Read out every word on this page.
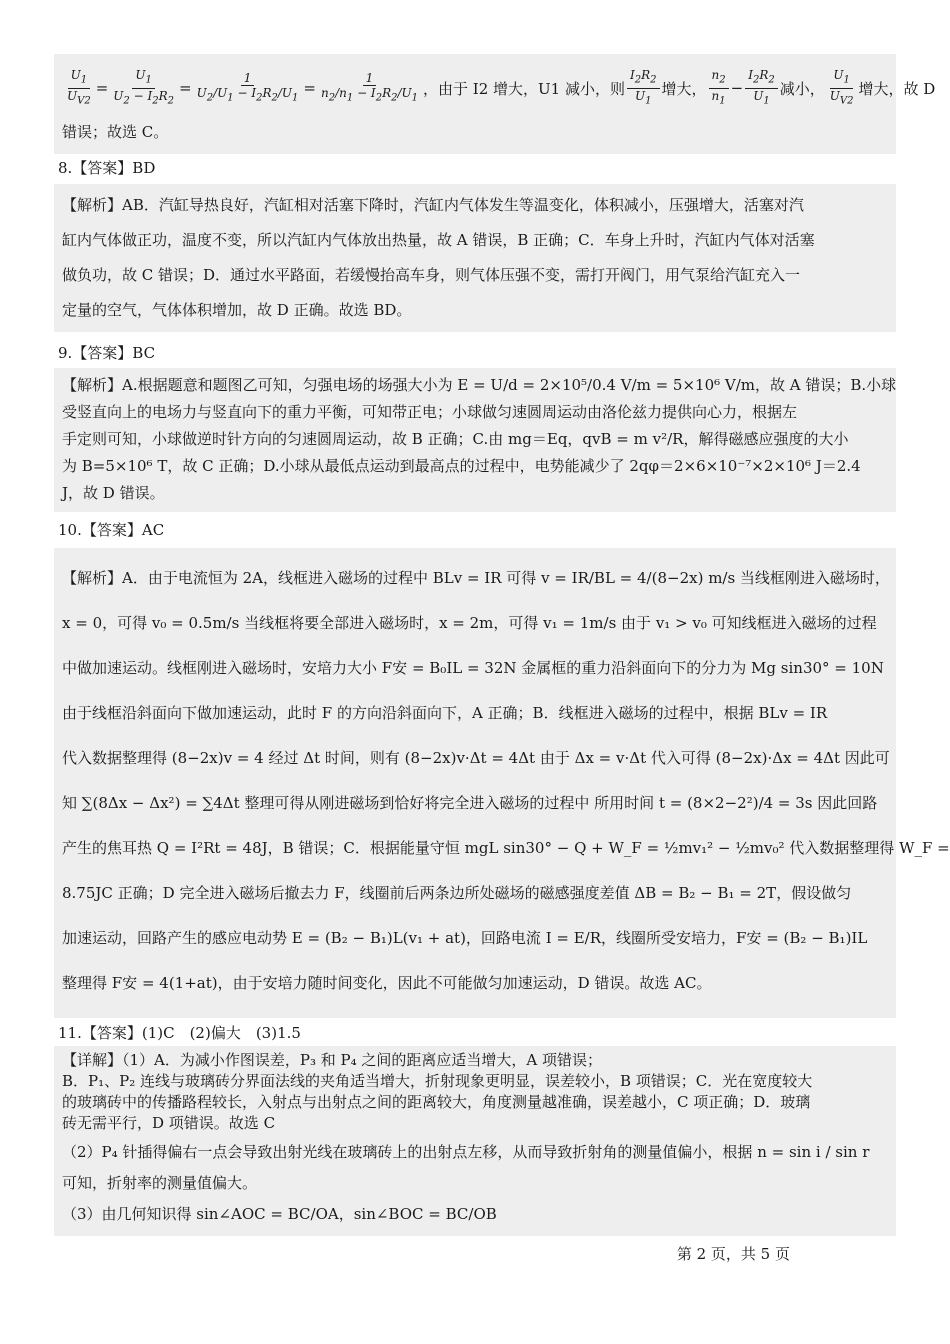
$\frac{U_1}{U_{V2}} = \frac{U_1}{U_2 - I_2R_2} = \frac{1}{U_2/U_1 - I_2R_2/U_1} = \frac{1}{n_2/n_1 - I_2R_2/U_1}$ ，由于 I2 增大，U1 减小，则 $\frac{I_2R_2}{U_1}$ 增大， $\frac{n_2}{n_1} - \frac{I_2R_2}{U_1}$ 减小， $\frac{U_1}{U_{V2}}$ 增大，故 D
错误；故选 C。
8.【答案】BD
【解析】AB．汽缸导热良好，汽缸相对活塞下降时，汽缸内气体发生等温变化，体积减小，压强增大，活塞对汽
缸内气体做正功，温度不变，所以汽缸内气体放出热量，故 A 错误，B 正确；C．车身上升时，汽缸内气体对活塞
做负功，故 C 错误；D．通过水平路面，若缓慢抬高车身，则气体压强不变，需打开阀门，用气泵给汽缸充入一
定量的空气，气体体积增加，故 D 正确。故选 BD。
9.【答案】BC
【解析】A.根据题意和题图乙可知，匀强电场的场强大小为 E = U/d = 2×10⁵/0.4 V/m = 5×10⁶ V/m，故 A 错误；B.小球
受竖直向上的电场力与竖直向下的重力平衡，可知带正电；小球做匀速圆周运动由洛伦兹力提供向心力，根据左
手定则可知，小球做逆时针方向的匀速圆周运动，故 B 正确；C.由 mg＝Eq，qvB = m v²/R，解得磁感应强度的大小
为 B=5×10⁶ T，故 C 正确；D.小球从最低点运动到最高点的过程中，电势能减少了 2qφ＝2×6×10⁻⁷×2×10⁶ J＝2.4
J，故 D 错误。
10.【答案】AC
【解析】A．由于电流恒为 2A，线框进入磁场的过程中 BLv = IR 可得 v = IR/BL = 4/(8−2x) m/s 当线框刚进入磁场时，
x = 0，可得 v₀ = 0.5m/s 当线框将要全部进入磁场时，x = 2m，可得 v₁ = 1m/s 由于 v₁ > v₀ 可知线框进入磁场的过程
中做加速运动。线框刚进入磁场时，安培力大小 F安 = B₀IL = 32N 金属框的重力沿斜面向下的分力为 Mg sin30° = 10N
由于线框沿斜面向下做加速运动，此时 F 的方向沿斜面向下，A 正确；B．线框进入磁场的过程中，根据 BLv = IR
代入数据整理得 (8−2x)v = 4 经过 Δt 时间，则有 (8−2x)v·Δt = 4Δt 由于 Δx = v·Δt 代入可得 (8−2x)·Δx = 4Δt 因此可
知 ∑(8Δx − Δx²) = ∑4Δt 整理可得从刚进磁场到恰好将完全进入磁场的过程中 所用时间 t = (8×2−2²)/4 = 3s 因此回路
产生的焦耳热 Q = I²Rt = 48J，B 错误；C．根据能量守恒 mgL sin30° − Q + W_F = ½mv₁² − ½mv₀² 代入数据整理得 W_F =
8.75JC 正确；D 完全进入磁场后撤去力 F，线圈前后两条边所处磁场的磁感强度差值 ΔB = B₂ − B₁ = 2T，假设做匀
加速运动，回路产生的感应电动势 E = (B₂ − B₁)L(v₁ + at)，回路电流 I = E/R，线圈所受安培力，F安 = (B₂ − B₁)IL
整理得 F安 = 4(1+at)，由于安培力随时间变化，因此不可能做匀加速运动，D 错误。故选 AC。
11.【答案】(1)C　(2)偏大　(3)1.5
【详解】（1）A．为减小作图误差，P₃ 和 P₄ 之间的距离应适当增大，A 项错误；
B．P₁、P₂ 连线与玻璃砖分界面法线的夹角适当增大，折射现象更明显，误差较小，B 项错误；C．光在宽度较大
的玻璃砖中的传播路程较长，入射点与出射点之间的距离较大，角度测量越准确，误差越小，C 项正确；D．玻璃
砖无需平行，D 项错误。故选 C
（2）P₄ 针插得偏右一点会导致出射光线在玻璃砖上的出射点左移，从而导致折射角的测量值偏小，根据 n = sin i / sin r
可知，折射率的测量值偏大。
（3）由几何知识得 sin∠AOC = BC/OA，sin∠BOC = BC/OB
第 2 页，共 5 页
